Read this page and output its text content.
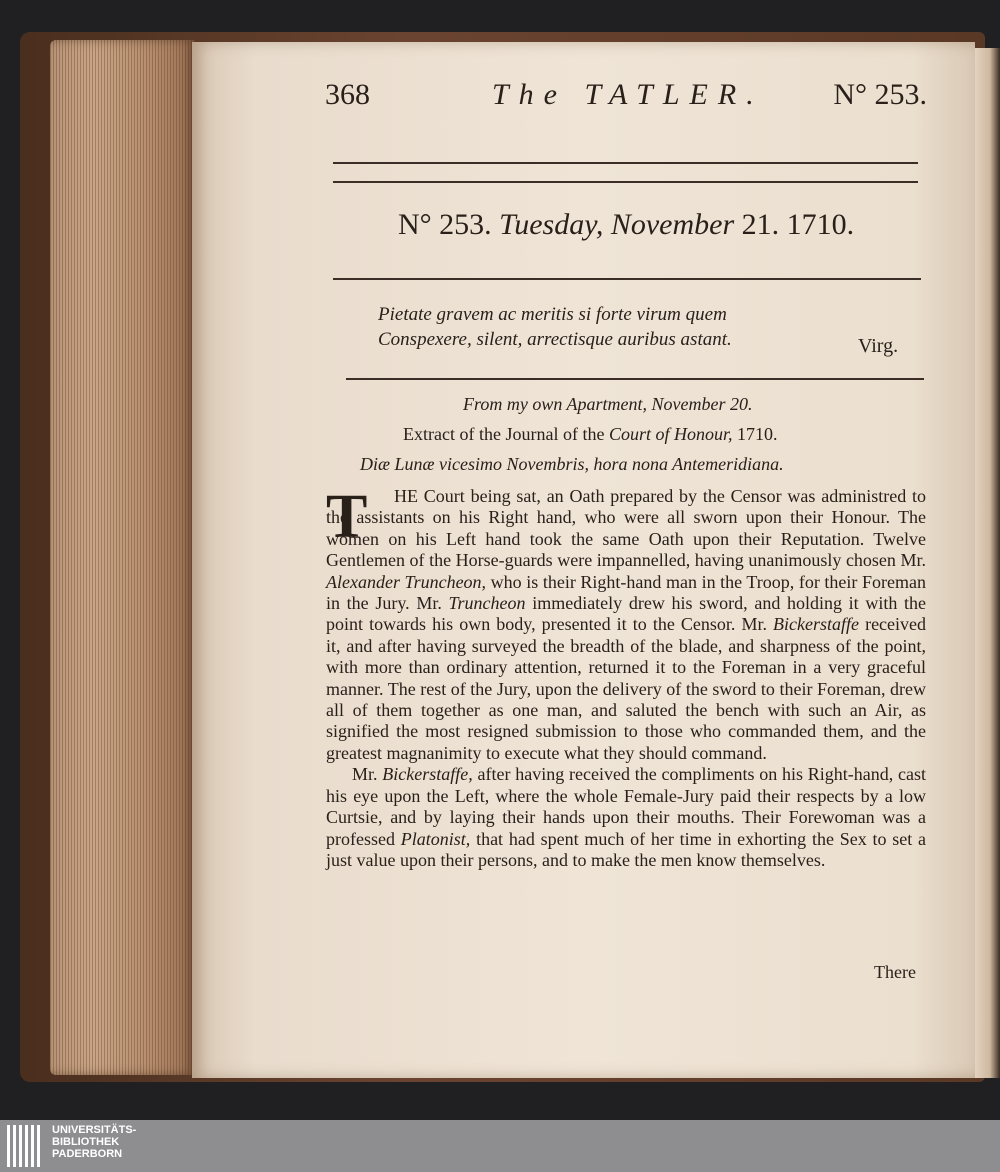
368	The TATLER. N° 253.
N° 253. Tuesday, November 21. 1710.
Pietate gravem ac meritis si forte virum quem
Conspexere, silent, arrectisque auribus astant.	Virg.
From my own Apartment, November 20.
Extract of the Journal of the Court of Honour, 1710.
Diæ Lunæ vicesimo Novembris, hora nona Antemeridiana.
T	HE Court being sat, an Oath prepared by the Censor was administred to the assistants on his Right hand, who were all sworn upon their Honour. The women on his Left hand took the same Oath upon their Reputation. Twelve Gentlemen of the Horse-guards were impannelled, having unanimously chosen Mr. Alexander Truncheon, who is their Right-hand man in the Troop, for their Foreman in the Jury. Mr. Truncheon immediately drew his sword, and holding it with the point towards his own body, presented it to the Censor. Mr. Bickerstaffe received it, and after having surveyed the breadth of the blade, and sharpness of the point, with more than ordinary attention, returned it to the Foreman in a very graceful manner. The rest of the Jury, upon the delivery of the sword to their Foreman, drew all of them together as one man, and saluted the bench with such an Air, as signified the most resigned submission to those who commanded them, and the greatest magnanimity to execute what they should command.

Mr. Bickerstaffe, after having received the compliments on his Right-hand, cast his eye upon the Left, where the whole Female-Jury paid their respects by a low Curtsie, and by laying their hands upon their mouths. Their Forewoman was a professed Platonist, that had spent much of her time in exhorting the Sex to set a just value upon their persons, and to make the men know themselves.

There
UNIVERSITÄTS-
BIBLIOTHEK
PADERBORN
